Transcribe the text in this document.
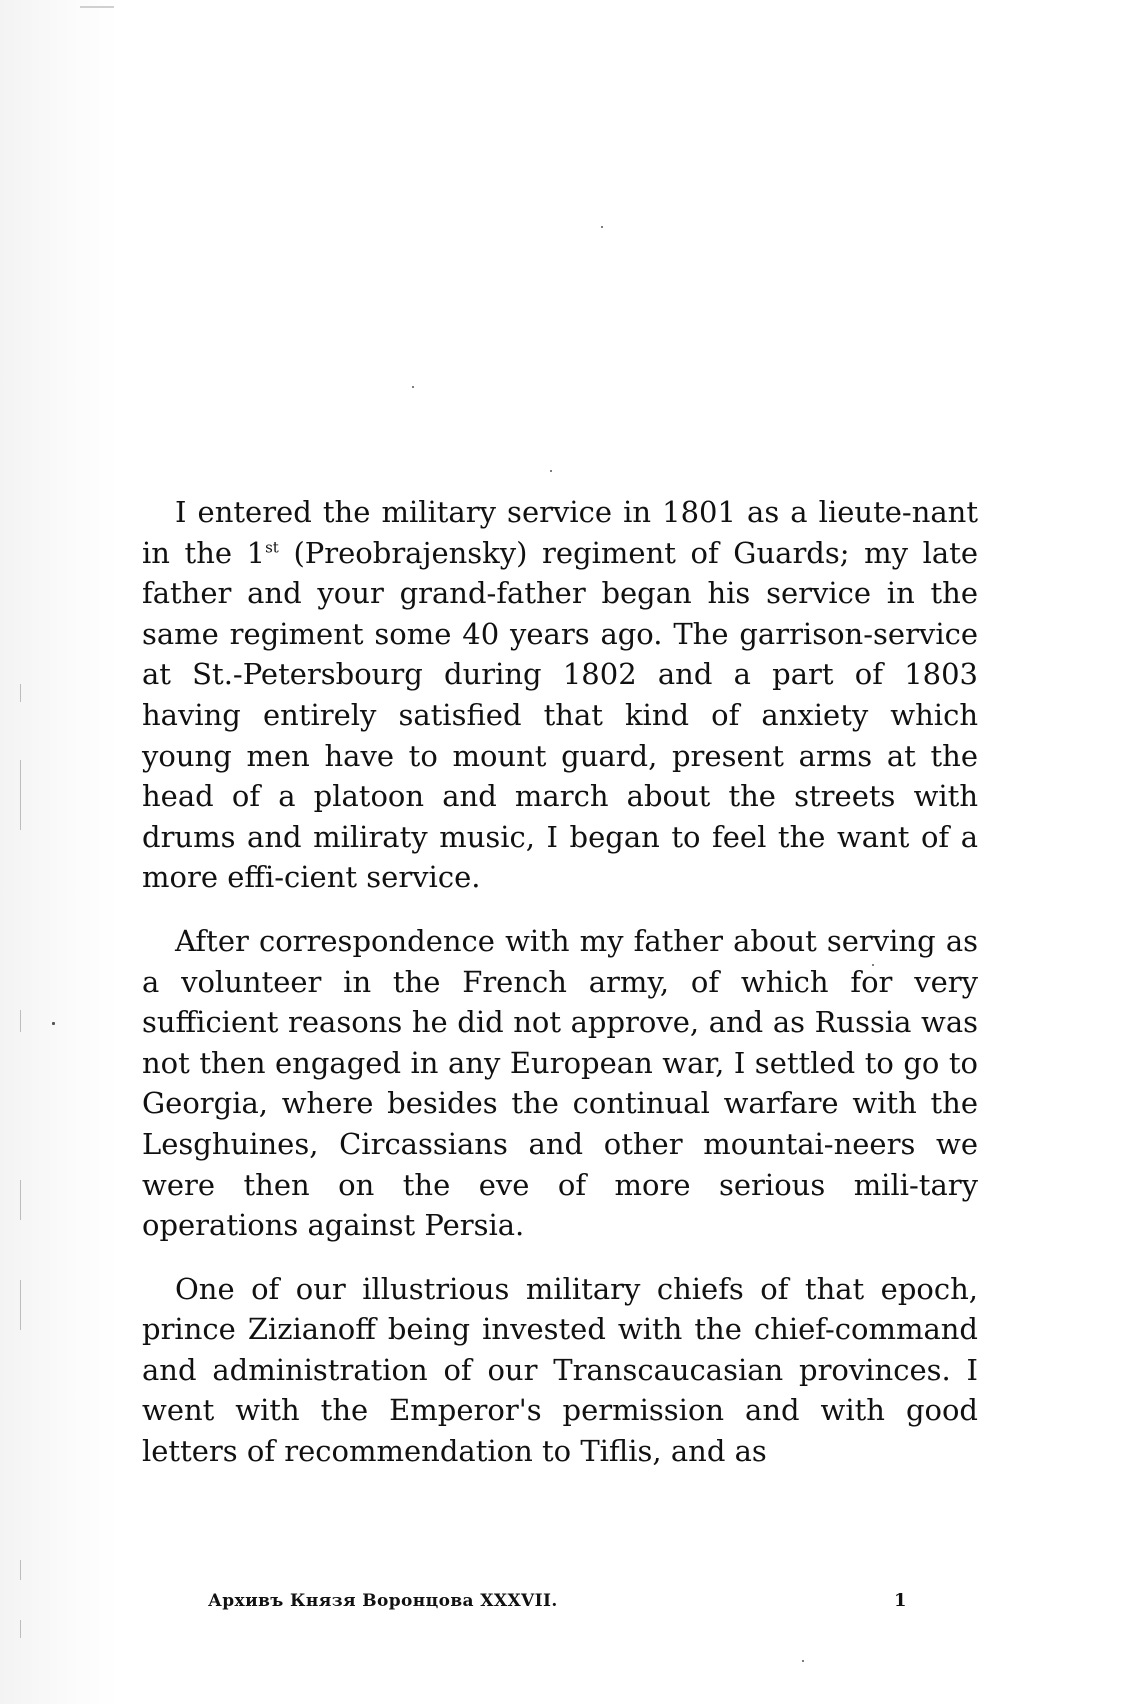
I entered the military service in 1801 as a lieute-nant in the 1st (Preobrajensky) regiment of Guards; my late father and your grand-father began his service in the same regiment some 40 years ago. The garrison-service at St.-Petersbourg during 1802 and a part of 1803 having entirely satisfied that kind of anxiety which young men have to mount guard, present arms at the head of a platoon and march about the streets with drums and miliraty music, I began to feel the want of a more effi-cient service.

After correspondence with my father about serving as a volunteer in the French army, of which for very sufficient reasons he did not approve, and as Russia was not then engaged in any European war, I settled to go to Georgia, where besides the continual warfare with the Lesghuines, Circassians and other mountai-neers we were then on the eve of more serious mili-tary operations against Persia.

One of our illustrious military chiefs of that epoch, prince Zizianoff being invested with the chief-command and administration of our Transcaucasian provinces. I went with the Emperor's permission and with good letters of recommendation to Tiflis, and as

Архивъ Князя Воронцова XXXVII.	1
